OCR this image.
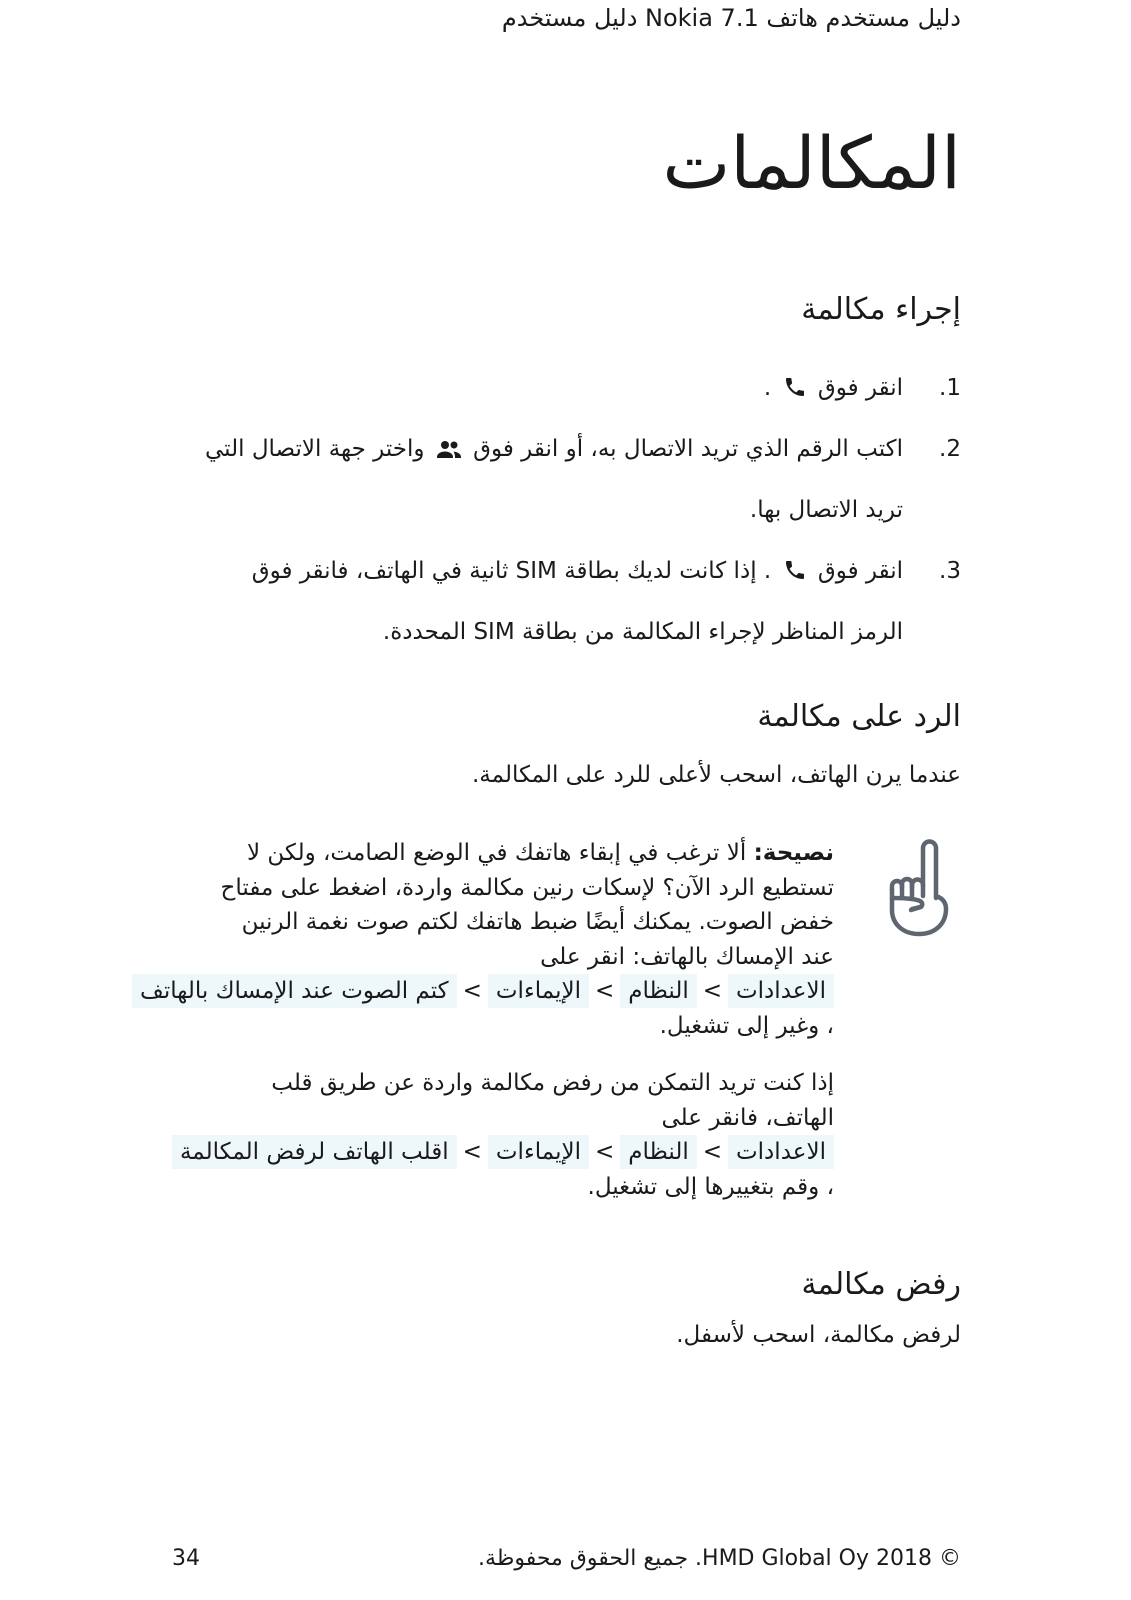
دليل مستخدم هاتف Nokia 7.1 دليل مستخدم
المكالمات
إجراء مكالمة
1.
انقر فوق
.
2.
اكتب الرقم الذي تريد الاتصال به، أو انقر فوق
واختر جهة الاتصال التي تريد الاتصال بها.
3.
انقر فوق
. إذا كانت لديك بطاقة SIM ثانية في الهاتف، فانقر فوق الرمز المناظر لإجراء المكالمة من بطاقة SIM المحددة.
الرد على مكالمة

عندما يرن الهاتف، اسحب لأعلى للرد على المكالمة.

نصيحة: ألا ترغب في إبقاء هاتفك في الوضع الصامت، ولكن لا تستطيع الرد الآن؟ لإسكات رنين مكالمة واردة، اضغط على مفتاح خفض الصوت. يمكنك أيضًا ضبط هاتفك لكتم صوت نغمة الرنين عند الإمساك بالهاتف: انقر على الاعدادات>النظام>الإيماءات>كتم الصوت عند الإمساك بالهاتف ، وغير إلى تشغيل.

إذا كنت تريد التمكن من رفض مكالمة واردة عن طريق قلب الهاتف، فانقر على الاعدادات>النظام>الإيماءات>اقلب الهاتف لرفض المكالمة ، وقم بتغييرها إلى تشغيل.

رفض مكالمة

لرفض مكالمة، اسحب لأسفل.

© 2018 HMD Global Oy. جميع الحقوق محفوظة.
34
